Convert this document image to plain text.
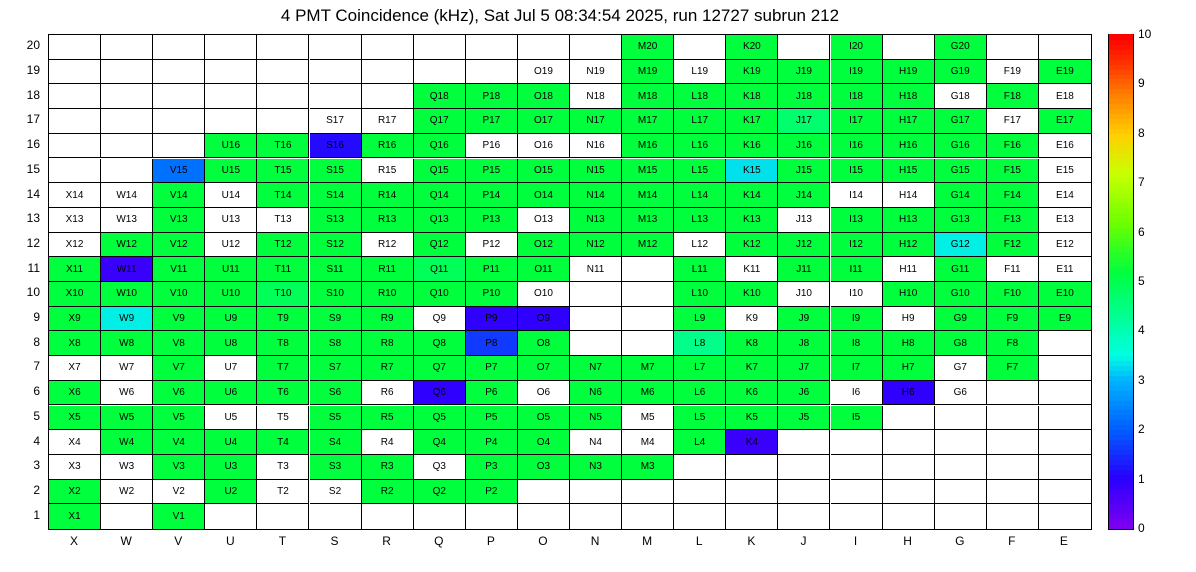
4 PMT Coincidence (kHz), Sat Jul 5 08:34:54 2025, run 12727 subrun 212
X1	V1
X2	W2	V2	U2	T2	S2	R2	Q2	P2
X3	W3	V3	U3	T3	S3	R3	Q3	P3	O3	N3	M3
X4	W4	V4	U4	T4	S4	R4	Q4	P4	O4	N4	M4	L4	K4
X5	W5	V5	U5	T5	S5	R5	Q5	P5	O5	N5	M5	L5	K5	J5	I5
X6	W6	V6	U6	T6	S6	R6	Q6	P6	O6	N6	M6	L6	K6	J6	I6	H6	G6
X7	W7	V7	U7	T7	S7	R7	Q7	P7	O7	N7	M7	L7	K7	J7	I7	H7	G7	F7
X8	W8	V8	U8	T8	S8	R8	Q8	P8	O8	L8	K8	J8	I8	H8	G8	F8
X9	W9	V9	U9	T9	S9	R9	Q9	P9	O9	L9	K9	J9	I9	H9	G9	F9	E9
X10	W10	V10	U10	T10	S10	R10	Q10	P10	O10	L10	K10	J10	I10	H10	G10	F10	E10
X11	W11	V11	U11	T11	S11	R11	Q11	P11	O11	N11	L11	K11	J11	I11	H11	G11	F11	E11
X12	W12	V12	U12	T12	S12	R12	Q12	P12	O12	N12	M12	L12	K12	J12	I12	H12	G12	F12	E12
X13	W13	V13	U13	T13	S13	R13	Q13	P13	O13	N13	M13	L13	K13	J13	I13	H13	G13	F13	E13
X14	W14	V14	U14	T14	S14	R14	Q14	P14	O14	N14	M14	L14	K14	J14	I14	H14	G14	F14	E14
V15	U15	T15	S15	R15	Q15	P15	O15	N15	M15	L15	K15	J15	I15	H15	G15	F15	E15
U16	T16	S16	R16	Q16	P16	O16	N16	M16	L16	K16	J16	I16	H16	G16	F16	E16
S17	R17	Q17	P17	O17	N17	M17	L17	K17	J17	I17	H17	G17	F17	E17
Q18	P18	O18	N18	M18	L18	K18	J18	I18	H18	G18	F18	E18
O19	N19	M19	L19	K19	J19	I19	H19	G19	F19	E19
M20	K20	I20	G20
1
2
3
4
5
6
7
8
9
10
11
12
13
14
15
16
17
18
19
20
X	W	V	U	T	S	R	Q	P	O	N	M	L	K	J	I	H	G	F	E
0
1
2
3
4
5
6
7
8
9
10
